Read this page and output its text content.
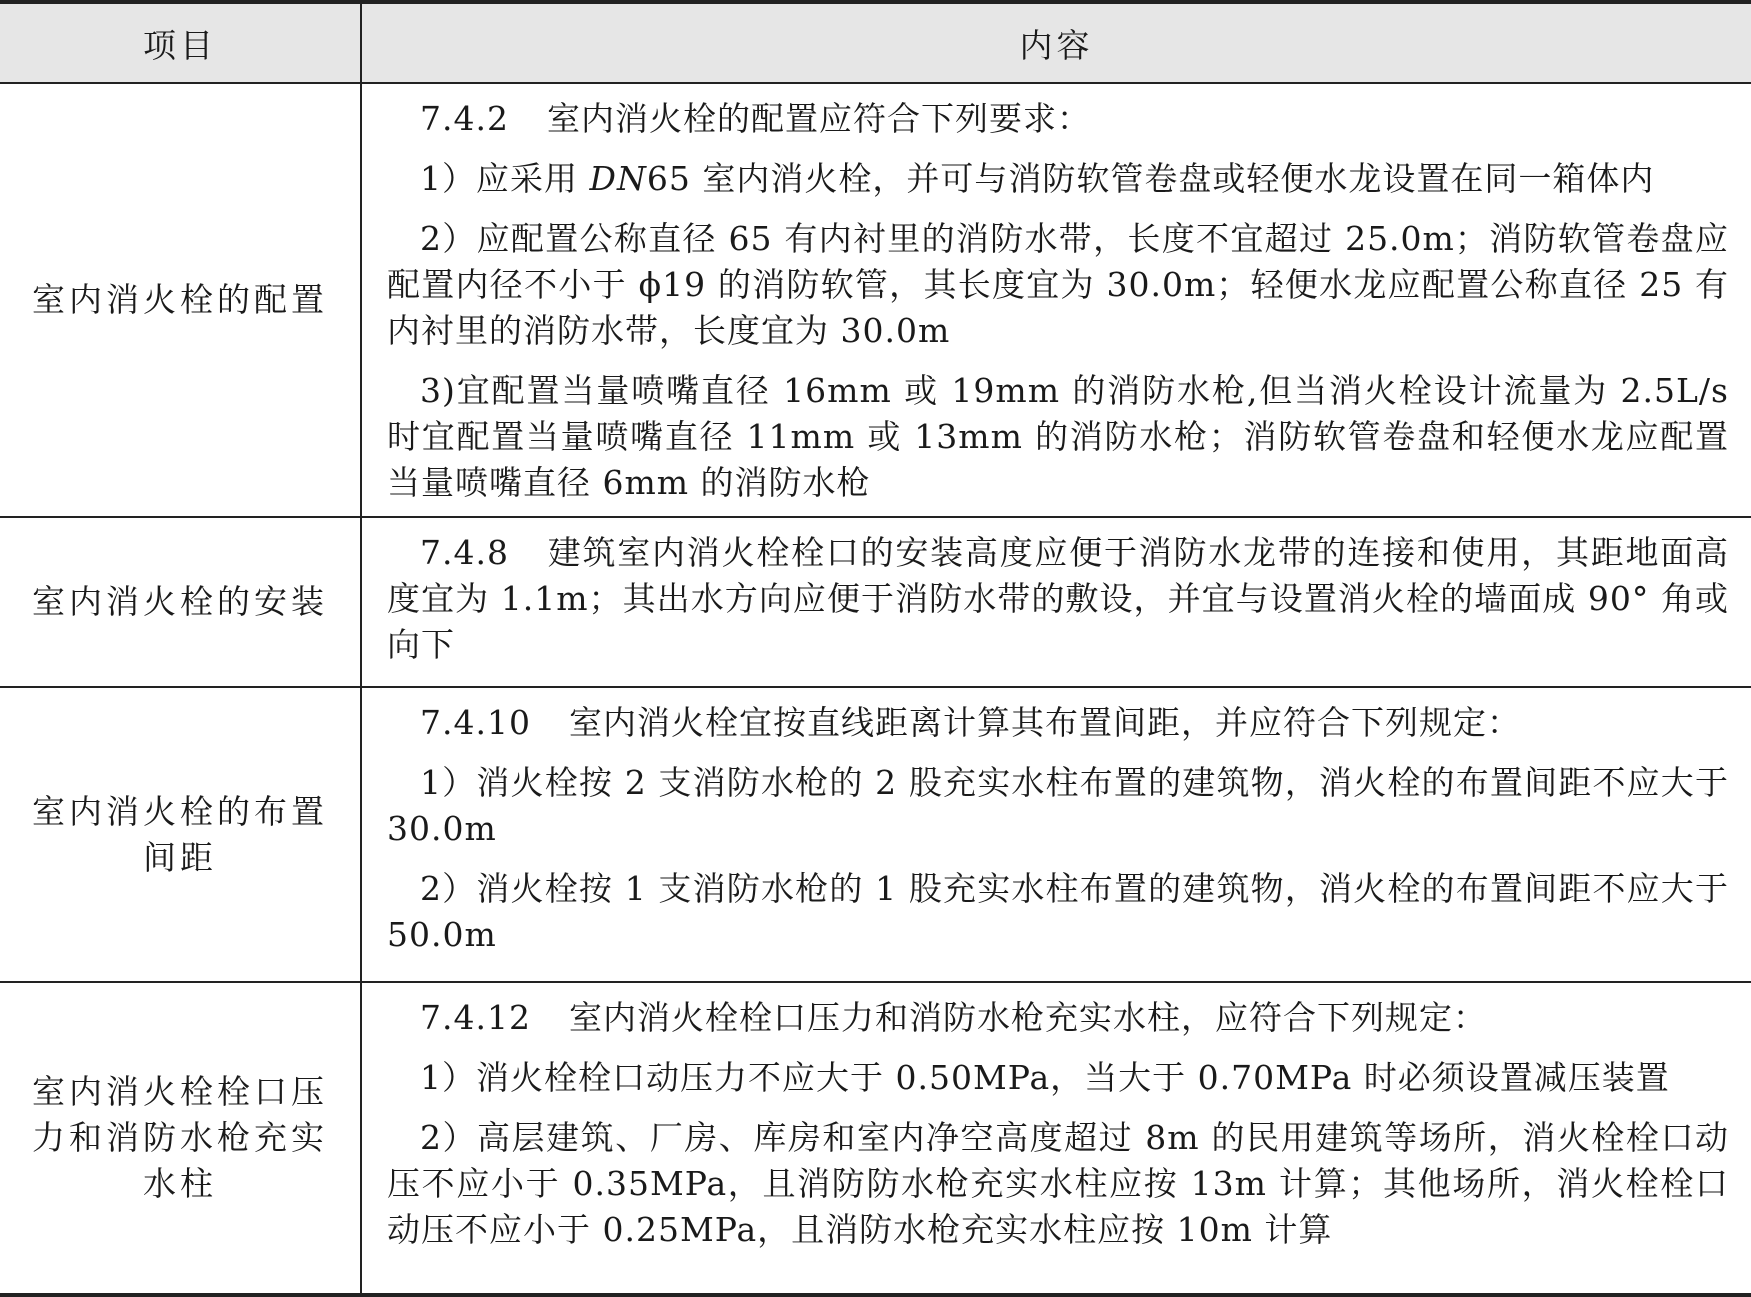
项目	内容
室内消火栓的配置	7.4.2 室内消火栓的配置应符合下列要求：

1）应采用 DN65 室内消火栓，并可与消防软管卷盘或轻便水龙设置在同一箱体内

2）应配置公称直径 65 有内衬里的消防水带，长度不宜超过 25.0m；消防软管卷盘应配置内径不小于 ϕ19 的消防软管，其长度宜为 30.0m；轻便水龙应配置公称直径 25 有内衬里的消防水带，长度宜为 30.0m

3)宜配置当量喷嘴直径 16mm 或 19mm 的消防水枪,但当消火栓设计流量为 2.5L/s 时宜配置当量喷嘴直径 11mm 或 13mm 的消防水枪；消防软管卷盘和轻便水龙应配置当量喷嘴直径 6mm 的消防水枪

室内消火栓的安装	7.4.8 建筑室内消火栓栓口的安装高度应便于消防水龙带的连接和使用，其距地面高度宜为 1.1m；其出水方向应便于消防水带的敷设，并宜与设置消火栓的墙面成 90° 角或向下

室内消火栓的布置间距	7.4.10 室内消火栓宜按直线距离计算其布置间距，并应符合下列规定：

1）消火栓按 2 支消防水枪的 2 股充实水柱布置的建筑物，消火栓的布置间距不应大于 30.0m

2）消火栓按 1 支消防水枪的 1 股充实水柱布置的建筑物，消火栓的布置间距不应大于 50.0m

室内消火栓栓口压力和消防水枪充实水柱	7.4.12 室内消火栓栓口压力和消防水枪充实水柱，应符合下列规定：

1）消火栓栓口动压力不应大于 0.50MPa，当大于 0.70MPa 时必须设置减压装置

2）高层建筑、厂房、库房和室内净空高度超过 8m 的民用建筑等场所，消火栓栓口动压不应小于 0.35MPa，且消防防水枪充实水柱应按 13m 计算；其他场所，消火栓栓口动压不应小于 0.25MPa，且消防水枪充实水柱应按 10m 计算
